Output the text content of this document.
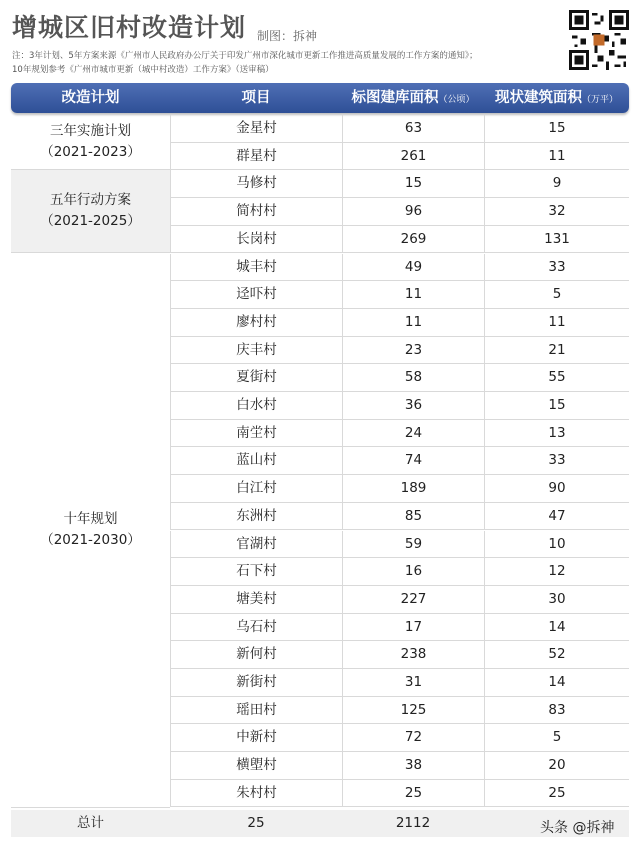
增城区旧村改造计划 制图：拆神
注：3年计划、5年方案来源《广州市人民政府办公厅关于印发广州市深化城市更新工作推进高质量发展的工作方案的通知》；
10年规划参考《广州市城市更新（城中村改造）工作方案》（送审稿）
改造计划	项目	标图建库面积（公顷）	现状建筑面积（万平）
三年实施计划
（2021-2023）
金星村	63	15
群星村	261	11
五年行动方案
（2021-2025）
马修村	15	9
简村村	96	32
长岗村	269	131
十年规划
（2021-2030）
城丰村	49	33
迳吓村	11	5
廖村村	11	11
庆丰村	23	21
夏街村	58	55
白水村	36	15
南坣村	24	13
蓝山村	74	33
白江村	189	90
东洲村	85	47
官湖村	59	10
石下村	16	12
塘美村	227	30
乌石村	17	14
新何村	238	52
新街村	31	14
瑶田村	125	83
中新村	72	5
横塱村	38	20
朱村村	25	25
总计	25	2112	头条 @拆神
